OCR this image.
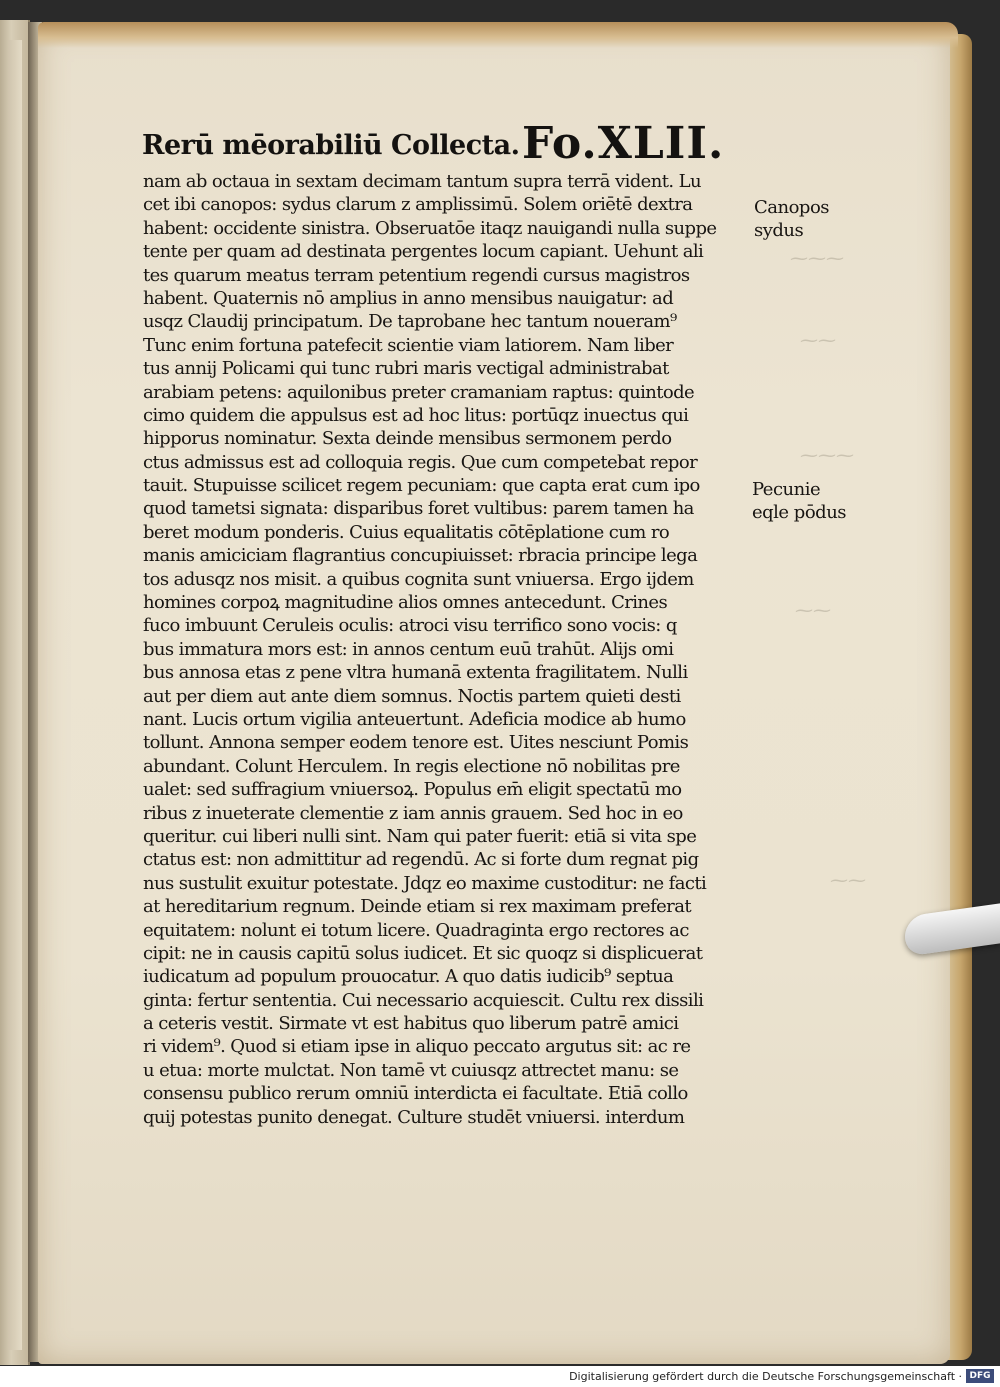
⁓⁓⁓
⁓⁓
⁓⁓⁓
⁓⁓
⁓⁓
Rerū mēorabiliū Collecta. Fo.XLII.
nam ab octaua in sextam decimam tantum supra terrā vident. Lu
cet ibi canopos: sydus clarum z amplissimū. Solem oriētē dextra
habent: occidente sinistra. Obseruatōe itaqz nauigandi nulla suppe
tente per quam ad destinata pergentes locum capiant. Uehunt ali
tes quarum meatus terram petentium regendi cursus magistros
habent. Quaternis nō amplius in anno mensibus nauigatur: ad
usqz Claudij principatum. De taprobane hec tantum noueram⁹
Tunc enim fortuna patefecit scientie viam latiorem. Nam liber
tus annij Policami qui tunc rubri maris vectigal administrabat
arabiam petens: aquilonibus preter cramaniam raptus: quintode
cimo quidem die appulsus est ad hoc litus: portūqz inuectus qui
hipporus nominatur. Sexta deinde mensibus sermonem perdo
ctus admissus est ad colloquia regis. Que cum competebat repor
tauit. Stupuisse scilicet regem pecuniam: que capta erat cum ipo
quod tametsi signata: disparibus foret vultibus: parem tamen ha
beret modum ponderis. Cuius equalitatis cōtēplatione cum ro
manis amiciciam flagrantius concupiuisset: rbracia principe lega
tos adusqz nos misit. a quibus cognita sunt vniuersa. Ergo ijdem
homines corpoꝝ magnitudine alios omnes antecedunt. Crines
fuco imbuunt Ceruleis oculis: atroci visu terrifico sono vocis: q
bus immatura mors est: in annos centum euū trahūt. Alijs omi
bus annosa etas z pene vltra humanā extenta fragilitatem. Nulli
aut per diem aut ante diem somnus. Noctis partem quieti desti
nant. Lucis ortum vigilia anteuertunt. Adeficia modice ab humo
tollunt. Annona semper eodem tenore est. Uites nesciunt Pomis
abundant. Colunt Herculem. In regis electione nō nobilitas pre
ualet: sed suffragium vniuersoꝝ. Populus em̄ eligit spectatū mo
ribus z inueterate clementie z iam annis grauem. Sed hoc in eo
queritur. cui liberi nulli sint. Nam qui pater fuerit: etiā si vita spe
ctatus est: non admittitur ad regendū. Ac si forte dum regnat pig
nus sustulit exuitur potestate. Jdqz eo maxime custoditur: ne facti
at hereditarium regnum. Deinde etiam si rex maximam preferat
equitatem: nolunt ei totum licere. Quadraginta ergo rectores ac
cipit: ne in causis capitū solus iudicet. Et sic quoqz si displicuerat
iudicatum ad populum prouocatur. A quo datis iudicib⁹ septua
ginta: fertur sententia. Cui necessario acquiescit. Cultu rex dissili
a ceteris vestit. Sirmate vt est habitus quo liberum patrē amici
ri videm⁹. Quod si etiam ipse in aliquo peccato argutus sit: ac re
u etua: morte mulctat. Non tamē vt cuiusqz attrectet manu: se
consensu publico rerum omniū interdicta ei facultate. Etiā collo
quij potestas punito denegat. Culture studēt vniuersi. interdum
Canopos
sydus
Pecunie
eqle pōdus
Digitalisierung gefördert durch die Deutsche Forschungsgemeinschaft · DFG
